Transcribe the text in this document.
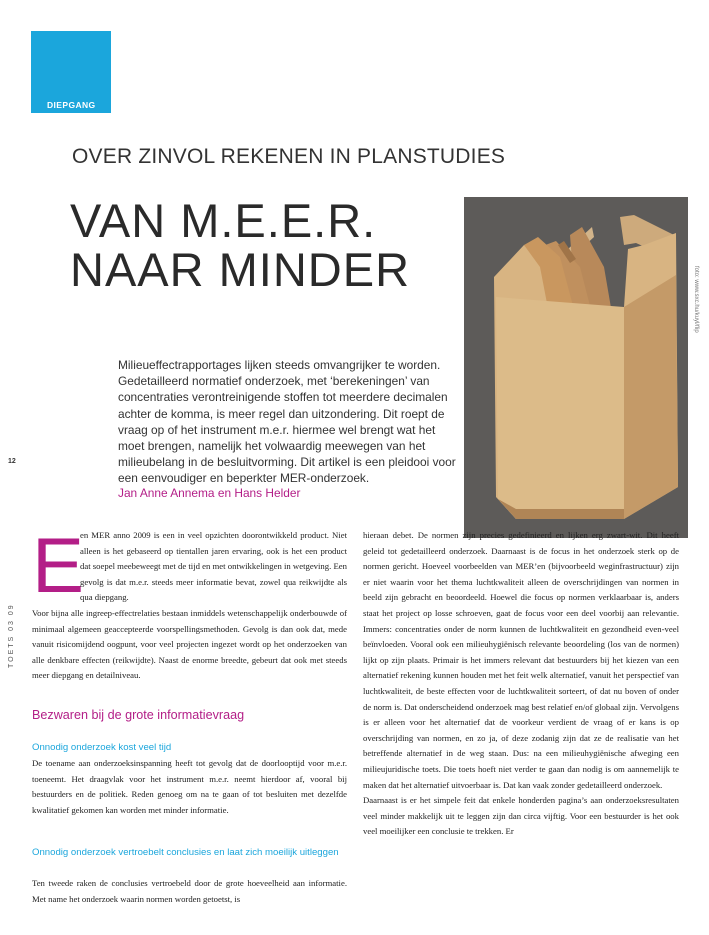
DIEPGANG
OVER ZINVOL REKENEN IN PLANSTUDIES
VAN M.E.E.R.
NAAR MINDER	foto: www.sxc.hu/kuyl/flip
Milieueffectrapportages lijken steeds omvangrijker te worden. Gedetailleerd normatief onderzoek, met ‘berekeningen’ van concentraties verontreinigende stoffen tot meerdere decimalen achter de komma, is meer regel dan uitzondering. Dit roept de vraag op of het instrument m.e.r. hiermee wel brengt wat het moet brengen, namelijk het volwaardig meewegen van het milieubelang in de besluitvorming. Dit artikel is een pleidooi voor een eenvoudiger en beperkter MER-onderzoek.
Jan Anne Annema en Hans Helder
12
TOETS 03 09
E

en MER anno 2009 is een in veel opzichten doorontwikkeld product. Niet alleen is het gebaseerd op tientallen jaren ervaring, ook is het een product dat soepel meebeweegt met de tijd en met ontwikkelingen in wetgeving. Een gevolg is dat m.e.r. steeds meer informatie bevat, zowel qua reikwijdte als qua diepgang.

Voor bijna alle ingreep-effectrelaties bestaan inmiddels wetenschappelijk onderbouwde of minimaal algemeen geaccepteerde voorspellingsmethoden. Gevolg is dan ook dat, mede vanuit risicomijdend oogpunt, voor veel projecten ingezet wordt op het onderzoeken van alle denkbare effecten (reikwijdte). Naast de enorme breedte, gebeurt dat ook met steeds meer diepgang en detailniveau.

Bezwaren bij de grote informatievraag
Onnodig onderzoek kost veel tijd

De toename aan onderzoeksinspanning heeft tot gevolg dat de doorlooptijd voor m.e.r. toeneemt. Het draagvlak voor het instrument m.e.r. neemt hierdoor af, vooral bij bestuurders en de politiek. Reden genoeg om na te gaan of tot besluiten met dezelfde kwalitatief gekomen kan worden met minder informatie.

Onnodig onderzoek vertroebelt conclusies en laat zich moeilijk uitleggen

Ten tweede raken de conclusies vertroebeld door de grote hoeveelheid aan informatie. Met name het onderzoek waarin normen worden getoetst, is

hieraan debet. De normen zijn precies gedefinieerd en lijken erg zwart-wit. Dit heeft geleid tot gedetailleerd onderzoek. Daarnaast is de focus in het onderzoek sterk op de normen gericht. Hoeveel voorbeelden van MER’en (bijvoorbeeld weginfrastructuur) zijn er niet waarin voor het thema luchtkwaliteit alleen de overschrijdingen van normen in beeld zijn gebracht en beoordeeld. Hoewel die focus op normen verklaarbaar is, anders staat het project op losse schroeven, gaat de focus voor een deel voorbij aan relevantie. Immers: concentraties onder de norm kunnen de luchtkwaliteit en gezondheid even-veel beïnvloeden. Vooral ook een milieuhygiënisch relevante beoordeling (los van de normen) lijkt op zijn plaats. Primair is het immers relevant dat bestuurders bij het kiezen van een alternatief rekening kunnen houden met het feit welk alternatief, vanuit het perspectief van luchtkwaliteit, de beste effecten voor de luchtkwaliteit sorteert, of dat nu boven of onder de norm is. Dat onderscheidend onderzoek mag best relatief en/of globaal zijn. Vervolgens is er alleen voor het alternatief dat de voorkeur verdient de vraag of er kans is op overschrijding van normen, en zo ja, of deze zodanig zijn dat ze de realisatie van het betreffende alternatief in de weg staan. Dus: na een milieuhygiënische afweging een milieujuridische toets. Die toets hoeft niet verder te gaan dan nodig is om aannemelijk te maken dat het alternatief uitvoerbaar is. Dat kan vaak zonder gedetailleerd onderzoek.

Daarnaast is er het simpele feit dat enkele honderden pagina’s aan onderzoeksresultaten veel minder makkelijk uit te leggen zijn dan circa vijftig. Voor een bestuurder is het ook veel moeilijker een conclusie te trekken. Er
